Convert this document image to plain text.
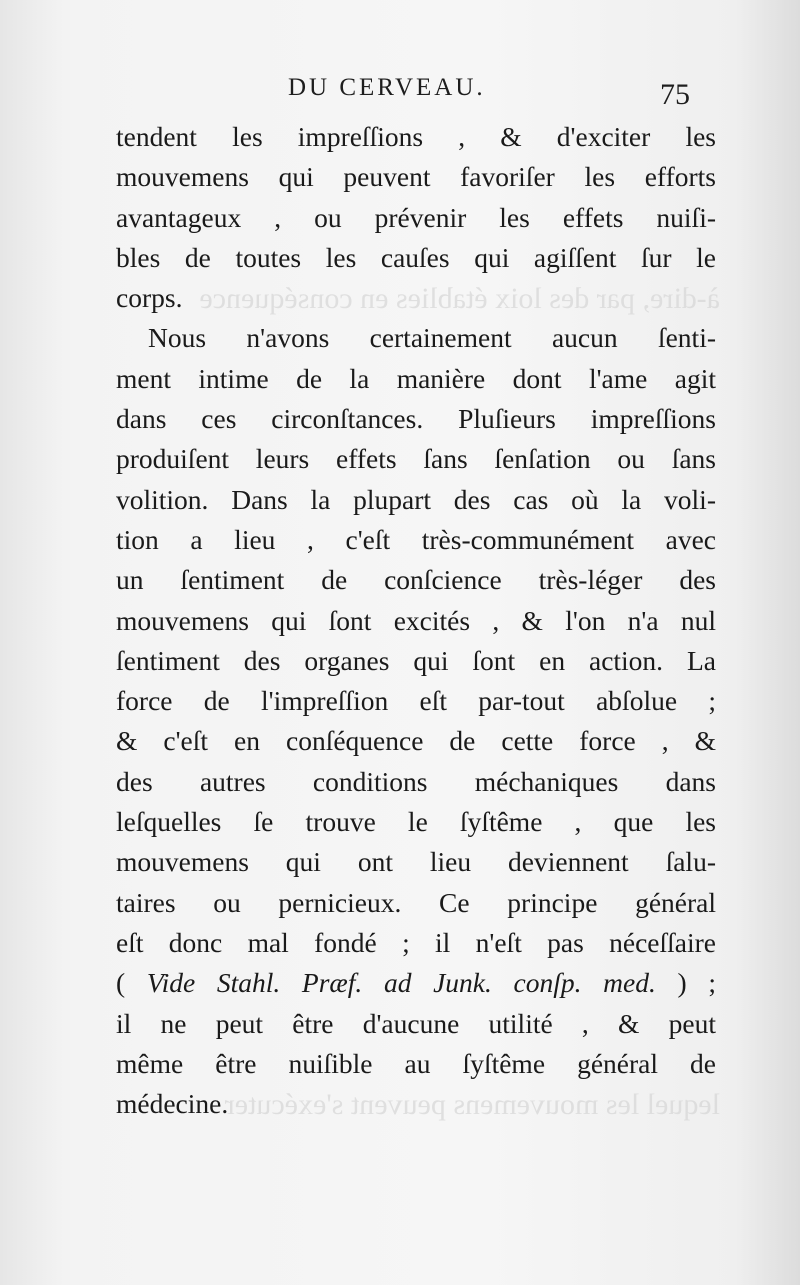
à-dire, par des loix établies en conséquence
lequel les mouvemens peuvent s'exécuter
DU CERVEAU.	75
tendent les impreſſions , & d'exciter les
mouvemens qui peuvent favoriſer les efforts
avantageux , ou prévenir les effets nuiſi-
bles de toutes les cauſes qui agiſſent ſur le
corps.
Nous n'avons certainement aucun ſenti-
ment intime de la manière dont l'ame agit
dans ces circonſtances. Pluſieurs impreſſions
produiſent leurs effets ſans ſenſation ou ſans
volition. Dans la plupart des cas où la voli-
tion a lieu , c'eſt très-communément avec
un ſentiment de conſcience très-léger des
mouvemens qui ſont excités , & l'on n'a nul
ſentiment des organes qui ſont en action. La
force de l'impreſſion eſt par-tout abſolue ;
& c'eſt en conſéquence de cette force , &
des autres conditions méchaniques dans
leſquelles ſe trouve le ſyſtême , que les
mouvemens qui ont lieu deviennent ſalu-
taires ou pernicieux. Ce principe général
eſt donc mal fondé ; il n'eſt pas néceſſaire
( Vide Stahl. Præf. ad Junk. conſp. med. ) ;
il ne peut être d'aucune utilité , & peut
même être nuiſible au ſyſtême général de
médecine.
